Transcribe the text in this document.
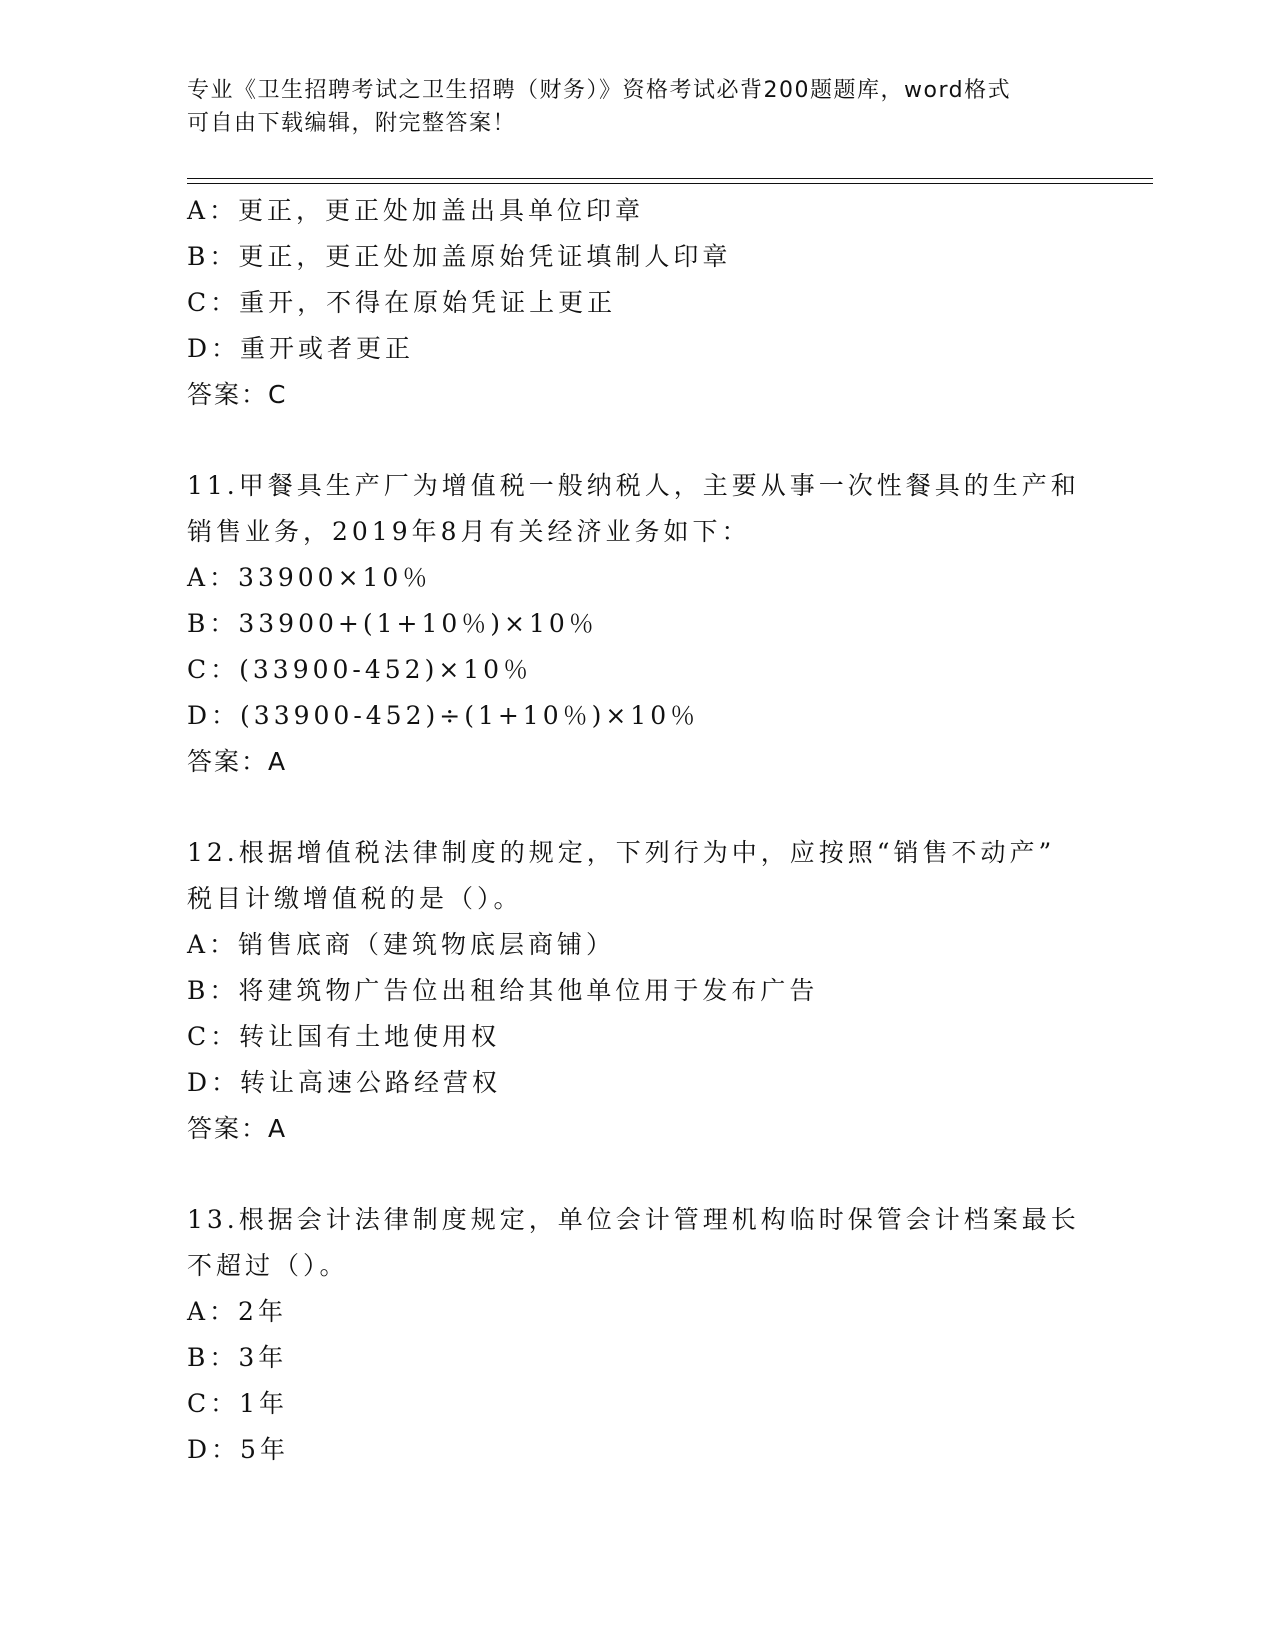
专业《卫生招聘考试之卫生招聘（财务）》资格考试必背200题题库，word格式
可自由下载编辑，附完整答案！
A：更正，更正处加盖出具单位印章
B：更正，更正处加盖原始凭证填制人印章
C：重开，不得在原始凭证上更正
D：重开或者更正
答案：C
11.甲餐具生产厂为增值税一般纳税人，主要从事一次性餐具的生产和
销售业务，2019年8月有关经济业务如下：
A：33900×10％
B：33900+(1+10％)×10％
C：(33900-452)×10％
D：(33900-452)÷(1+10％)×10％
答案：A
12.根据增值税法律制度的规定，下列行为中，应按照“销售不动产”
税目计缴增值税的是（）。
A：销售底商（建筑物底层商铺）
B：将建筑物广告位出租给其他单位用于发布广告
C：转让国有土地使用权
D：转让高速公路经营权
答案：A
13.根据会计法律制度规定，单位会计管理机构临时保管会计档案最长
不超过（）。
A：2年
B：3年
C：1年
D：5年
